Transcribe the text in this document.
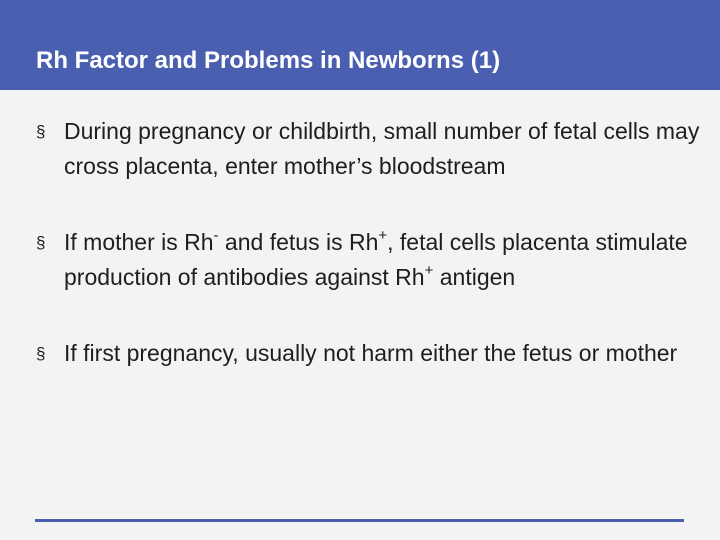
Rh Factor and Problems in Newborns (1)
§ During pregnancy or childbirth, small number of fetal cells may cross placenta, enter mother’s bloodstream
§ If mother is Rh- and fetus is Rh+, fetal cells placenta stimulate production of antibodies against Rh+ antigen
§ If first pregnancy, usually not harm either the fetus or mother
